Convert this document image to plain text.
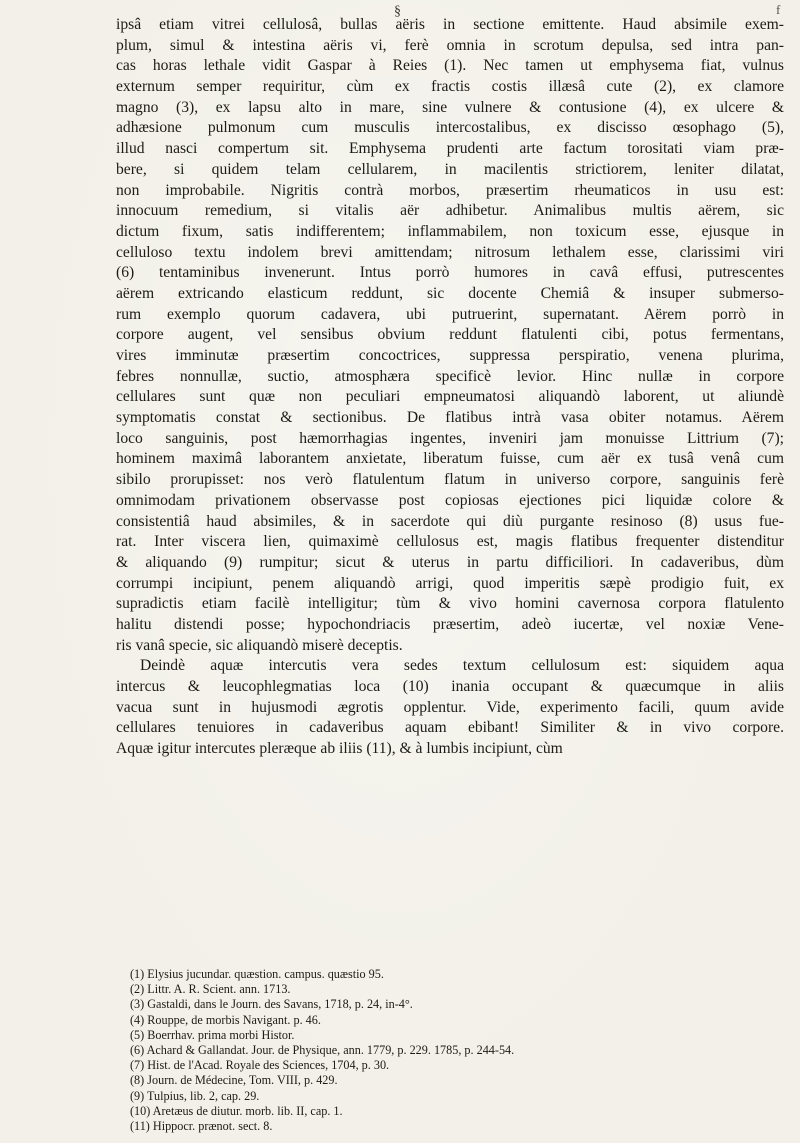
§	f
ipsâ etiam vitrei cellulosâ, bullas aëris in sectione emittente. Haud absimile exem-
plum, simul & intestina aëris vi, ferè omnia in scrotum depulsa, sed intra pan-
cas horas lethale vidit Gaspar à Reies (1). Nec tamen ut emphysema fiat, vulnus
externum semper requiritur, cùm ex fractis costis illæsâ cute (2), ex clamore
magno (3), ex lapsu alto in mare, sine vulnere & contusione (4), ex ulcere &
adhæsione pulmonum cum musculis intercostalibus, ex discisso œsophago (5),
illud nasci compertum sit. Emphysema prudenti arte factum torositati viam præ-
bere, si quidem telam cellularem, in macilentis strictiorem, leniter dilatat,
non improbabile. Nigritis contrà morbos, præsertim rheumaticos in usu est:
innocuum remedium, si vitalis aër adhibetur. Animalibus multis aërem, sic
dictum fixum, satis indifferentem; inflammabilem, non toxicum esse, ejusque in
celluloso textu indolem brevi amittendam; nitrosum lethalem esse, clarissimi viri
(6) tentaminibus invenerunt. Intus porrò humores in cavâ effusi, putrescentes
aërem extricando elasticum reddunt, sic docente Chemiâ & insuper submerso-
rum exemplo quorum cadavera, ubi putruerint, supernatant. Aërem porrò in
corpore augent, vel sensibus obvium reddunt flatulenti cibi, potus fermentans,
vires imminutæ præsertim concoctrices, suppressa perspiratio, venena plurima,
febres nonnullæ, suctio, atmosphæra specificè levior. Hinc nullæ in corpore
cellulares sunt quæ non peculiari empneumatosi aliquandò laborent, ut aliundè
symptomatis constat & sectionibus. De flatibus intrà vasa obiter notamus. Aërem
loco sanguinis, post hæmorrhagias ingentes, inveniri jam monuisse Littrium (7);
hominem maximâ laborantem anxietate, liberatum fuisse, cum aër ex tusâ venâ cum
sibilo prorupisset: nos verò flatulentum flatum in universo corpore, sanguinis ferè
omnimodam privationem observasse post copiosas ejectiones pici liquidæ colore &
consistentiâ haud absimiles, & in sacerdote qui diù purgante resinoso (8) usus fue-
rat. Inter viscera lien, quimaximè cellulosus est, magis flatibus frequenter distenditur
& aliquando (9) rumpitur; sicut & uterus in partu difficiliori. In cadaveribus, dùm
corrumpi incipiunt, penem aliquandò arrigi, quod imperitis sæpè prodigio fuit, ex
supradictis etiam facilè intelligitur; tùm & vivo homini cavernosa corpora flatulento
halitu distendi posse; hypochondriacis præsertim, adeò iucertæ, vel noxiæ Vene-
ris vanâ specie, sic aliquandò miserè deceptis.
Deindè aquæ intercutis vera sedes textum cellulosum est: siquidem aqua
intercus & leucophlegmatias loca (10) inania occupant & quæcumque in aliis
vacua sunt in hujusmodi ægrotis opplentur. Vide, experimento facili, quum avide
cellulares tenuiores in cadaveribus aquam ebibant! Similiter & in vivo corpore.
Aquæ igitur intercutes pleræque ab iliis (11), & à lumbis incipiunt, cùm
(1) Elysius jucundar. quæstion. campus. quæstio 95.
(2) Littr. A. R. Scient. ann. 1713.
(3) Gastaldi, dans le Journ. des Savans, 1718, p. 24, in-4°.
(4) Rouppe, de morbis Navigant. p. 46.
(5) Boerrhav. prima morbi Histor.
(6) Achard & Gallandat. Jour. de Physique, ann. 1779, p. 229. 1785, p. 244-54.
(7) Hist. de l'Acad. Royale des Sciences, 1704, p. 30.
(8) Journ. de Médecine, Tom. VIII, p. 429.
(9) Tulpius, lib. 2, cap. 29.
(10) Aretæus de diutur. morb. lib. II, cap. 1.
(11) Hippocr. prænot. sect. 8.
